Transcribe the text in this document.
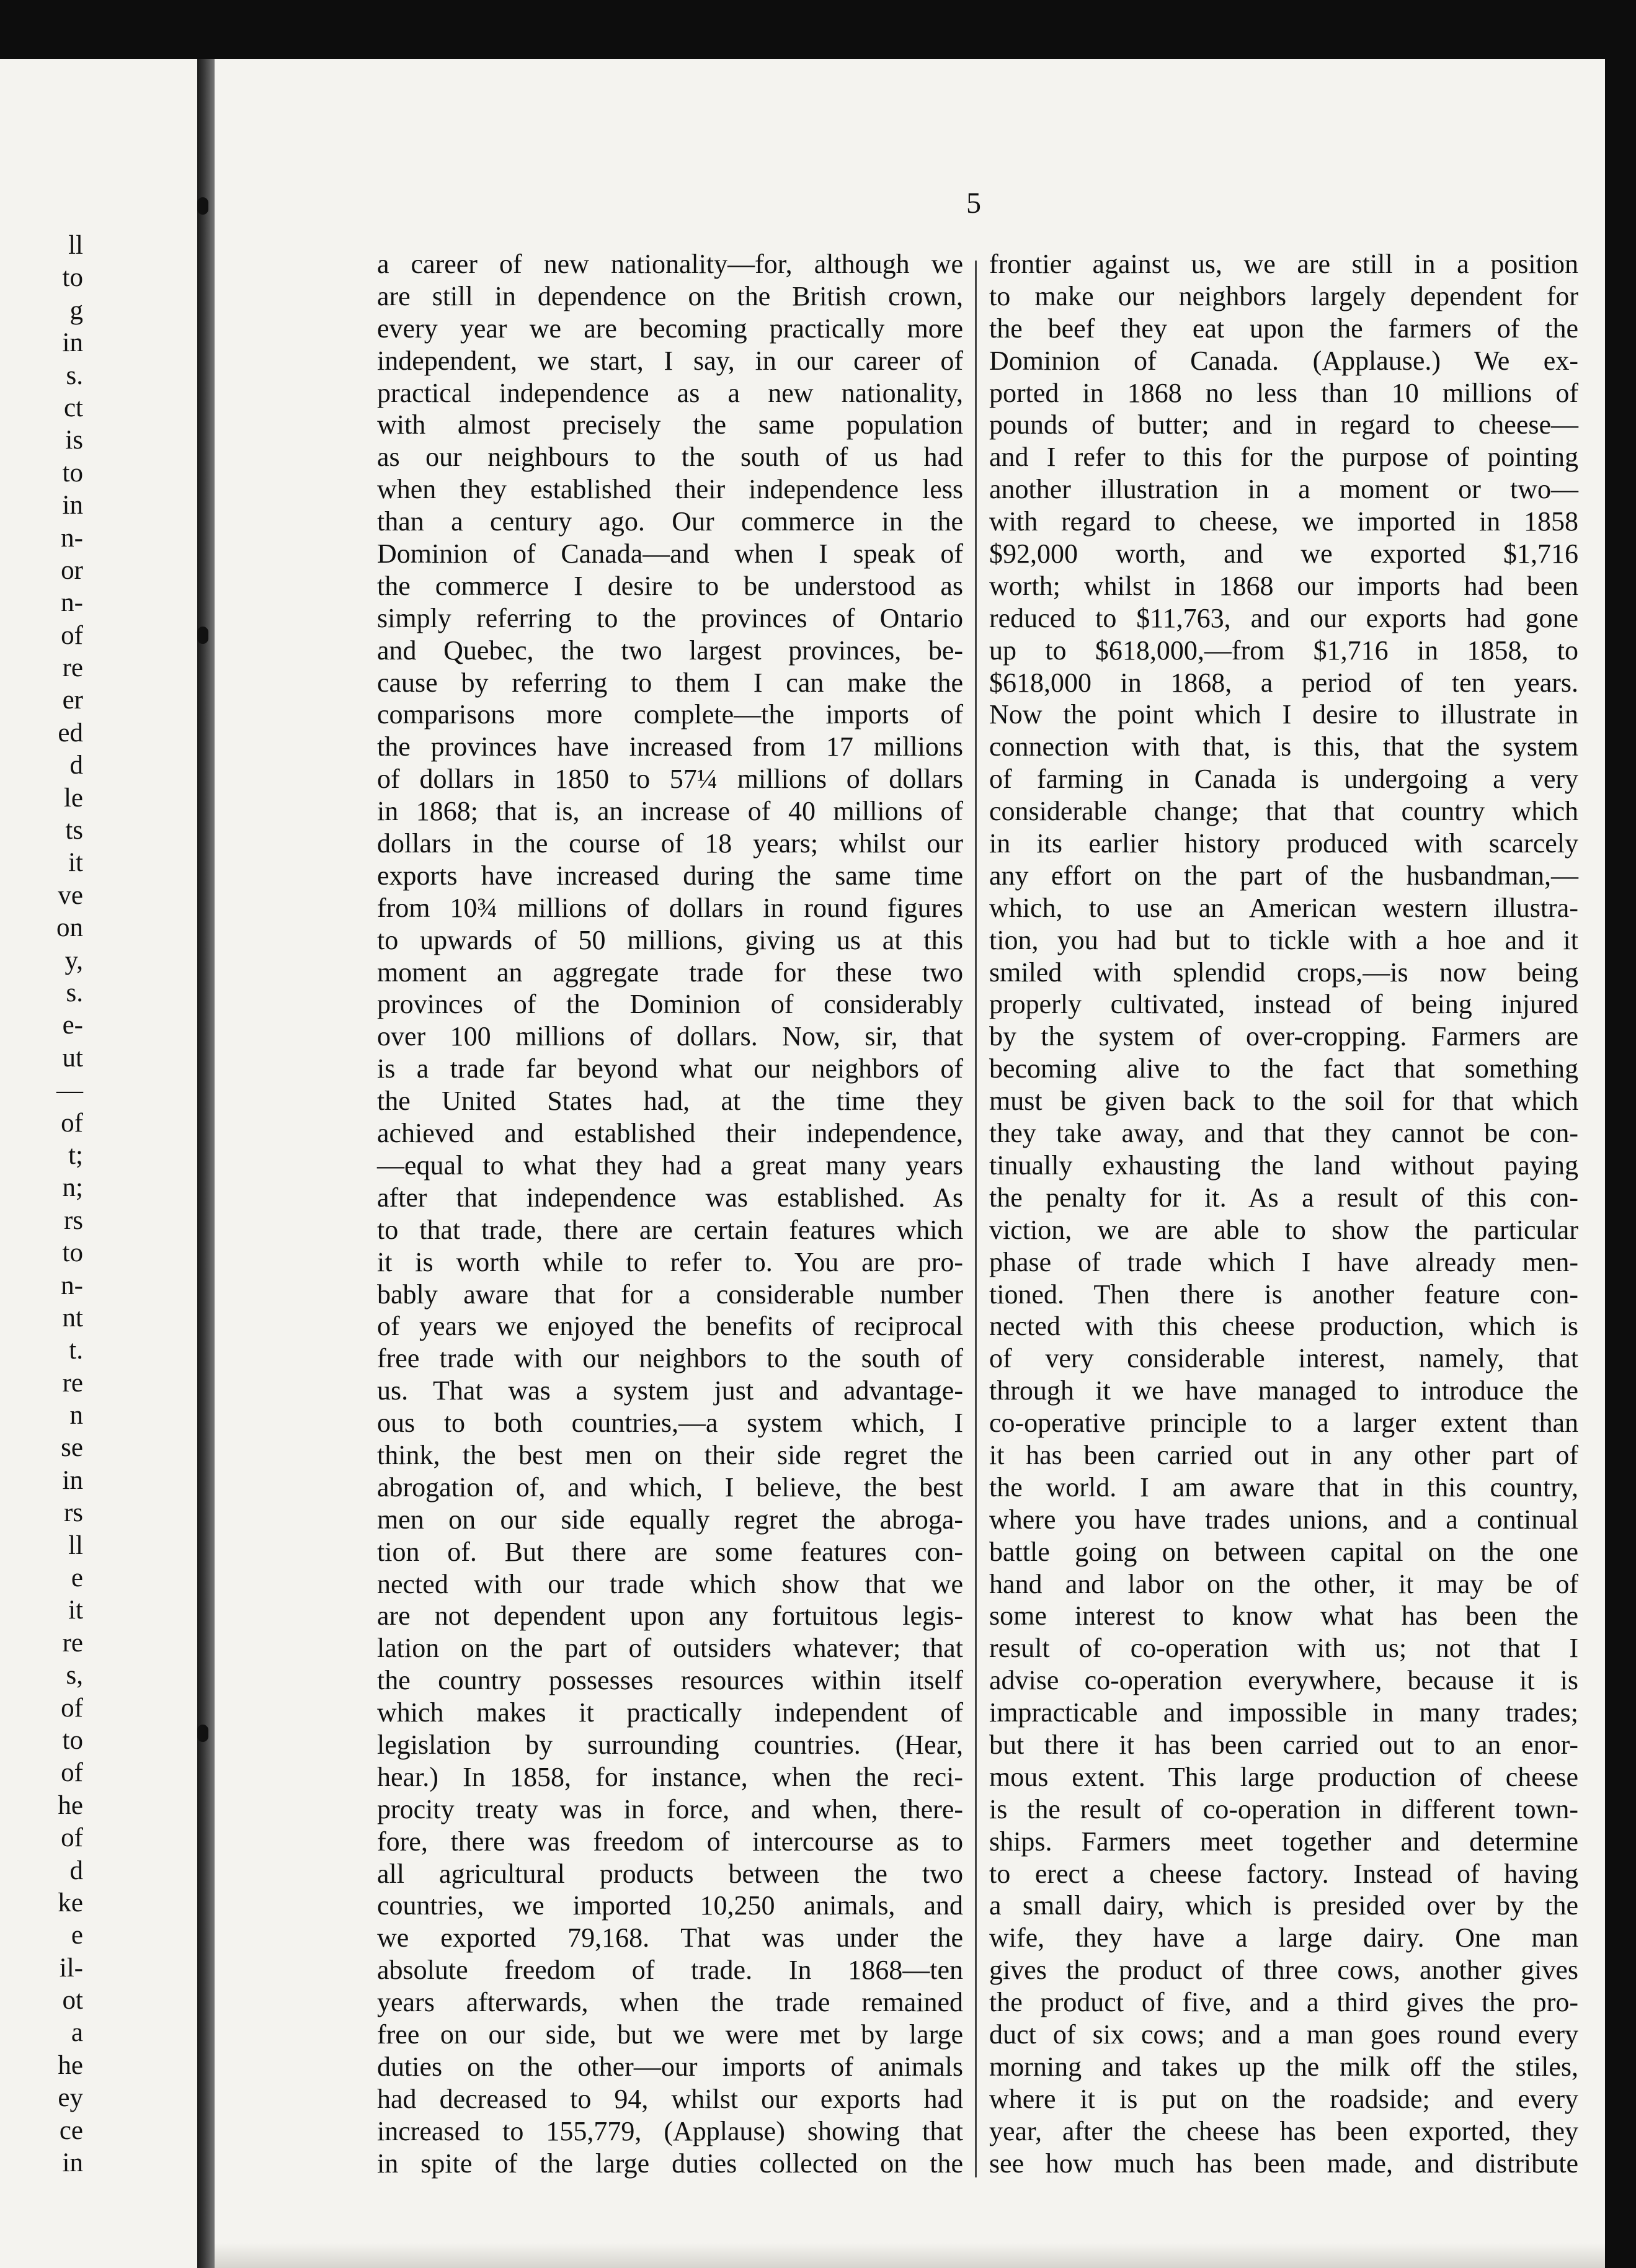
ll
to
g
in
s.
ct
is
to
in
n-
or
n-
of
re
er
ed
d
le
ts
it
ve
on
y,
s.
e-
ut
—
of
t;
n;
rs
to
n-
nt
t.
re
n
se
in
rs
ll
e
it
re
s,
of
to
of
he
of
d
ke
e
il-
ot
a
he
ey
ce
in
5
a career of new nationality—for, although we
are still in dependence on the British crown,
every year we are becoming practically more
independent, we start, I say, in our career of
practical independence as a new nationality,
with almost precisely the same population
as our neighbours to the south of us had
when they established their independence less
than a century ago. Our commerce in the
Dominion of Canada—and when I speak of
the commerce I desire to be understood as
simply referring to the provinces of Ontario
and Quebec, the two largest provinces, be-
cause by referring to them I can make the
comparisons more complete—the imports of
the provinces have increased from 17 millions
of dollars in 1850 to 57¼ millions of dollars
in 1868; that is, an increase of 40 millions of
dollars in the course of 18 years; whilst our
exports have increased during the same time
from 10¾ millions of dollars in round figures
to upwards of 50 millions, giving us at this
moment an aggregate trade for these two
provinces of the Dominion of considerably
over 100 millions of dollars. Now, sir, that
is a trade far beyond what our neighbors of
the United States had, at the time they
achieved and established their independence,
—equal to what they had a great many years
after that independence was established. As
to that trade, there are certain features which
it is worth while to refer to. You are pro-
bably aware that for a considerable number
of years we enjoyed the benefits of reciprocal
free trade with our neighbors to the south of
us. That was a system just and advantage-
ous to both countries,—a system which, I
think, the best men on their side regret the
abrogation of, and which, I believe, the best
men on our side equally regret the abroga-
tion of. But there are some features con-
nected with our trade which show that we
are not dependent upon any fortuitous legis-
lation on the part of outsiders whatever; that
the country possesses resources within itself
which makes it practically independent of
legislation by surrounding countries. (Hear,
hear.) In 1858, for instance, when the reci-
procity treaty was in force, and when, there-
fore, there was freedom of intercourse as to
all agricultural products between the two
countries, we imported 10,250 animals, and
we exported 79,168. That was under the
absolute freedom of trade. In 1868—ten
years afterwards, when the trade remained
free on our side, but we were met by large
duties on the other—our imports of animals
had decreased to 94, whilst our exports had
increased to 155,779, (Applause) showing that
in spite of the large duties collected on the
frontier against us, we are still in a position
to make our neighbors largely dependent for
the beef they eat upon the farmers of the
Dominion of Canada. (Applause.) We ex-
ported in 1868 no less than 10 millions of
pounds of butter; and in regard to cheese—
and I refer to this for the purpose of pointing
another illustration in a moment or two—
with regard to cheese, we imported in 1858
$92,000 worth, and we exported $1,716
worth; whilst in 1868 our imports had been
reduced to $11,763, and our exports had gone
up to $618,000,—from $1,716 in 1858, to
$618,000 in 1868, a period of ten years.
Now the point which I desire to illustrate in
connection with that, is this, that the system
of farming in Canada is undergoing a very
considerable change; that that country which
in its earlier history produced with scarcely
any effort on the part of the husbandman,—
which, to use an American western illustra-
tion, you had but to tickle with a hoe and it
smiled with splendid crops,—is now being
properly cultivated, instead of being injured
by the system of over-cropping. Farmers are
becoming alive to the fact that something
must be given back to the soil for that which
they take away, and that they cannot be con-
tinually exhausting the land without paying
the penalty for it. As a result of this con-
viction, we are able to show the particular
phase of trade which I have already men-
tioned. Then there is another feature con-
nected with this cheese production, which is
of very considerable interest, namely, that
through it we have managed to introduce the
co-operative principle to a larger extent than
it has been carried out in any other part of
the world. I am aware that in this country,
where you have trades unions, and a continual
battle going on between capital on the one
hand and labor on the other, it may be of
some interest to know what has been the
result of co-operation with us; not that I
advise co-operation everywhere, because it is
impracticable and impossible in many trades;
but there it has been carried out to an enor-
mous extent. This large production of cheese
is the result of co-operation in different town-
ships. Farmers meet together and determine
to erect a cheese factory. Instead of having
a small dairy, which is presided over by the
wife, they have a large dairy. One man
gives the product of three cows, another gives
the product of five, and a third gives the pro-
duct of six cows; and a man goes round every
morning and takes up the milk off the stiles,
where it is put on the roadside; and every
year, after the cheese has been exported, they
see how much has been made, and distribute
